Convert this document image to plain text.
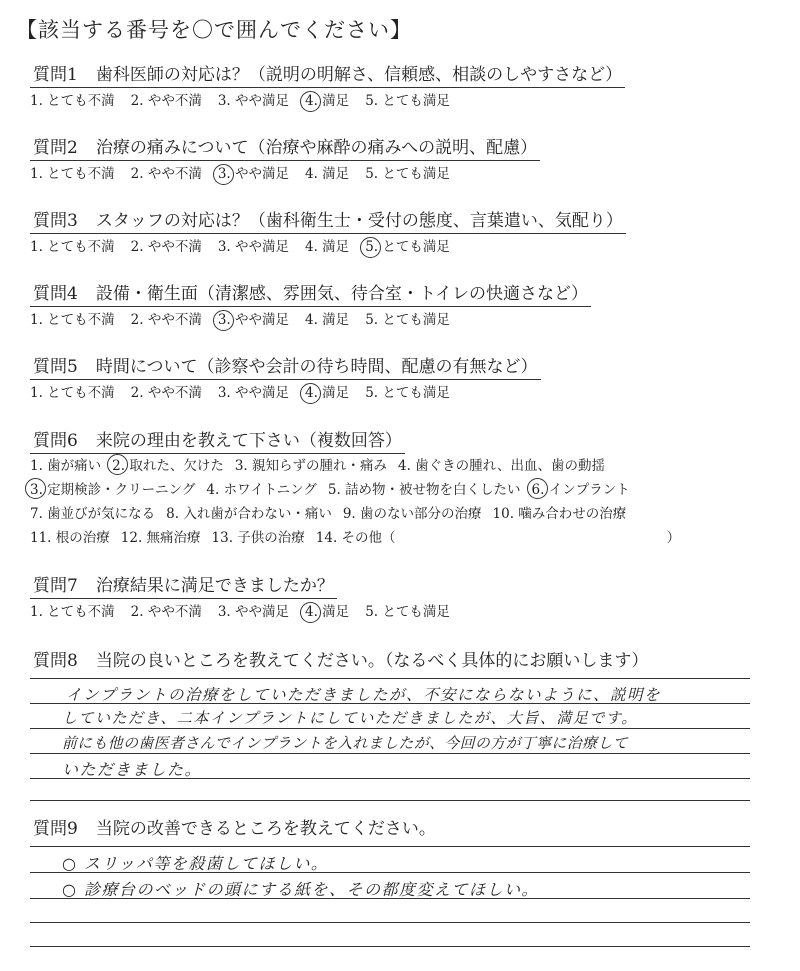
【該当する番号を〇で囲んでください】
質問1 歯科医師の対応は？（説明の明解さ、信頼感、相談のしやすさなど）
1. とても不満 2. やや不満 3. やや満足 4. 満足 5. とても満足
質問2 治療の痛みについて（治療や麻酔の痛みへの説明、配慮）
1. とても不満 2. やや不満 3. やや満足 4. 満足 5. とても満足
質問3 スタッフの対応は？（歯科衛生士・受付の態度、言葉遣い、気配り）
1. とても不満 2. やや不満 3. やや満足 4. 満足 5. とても満足
質問4 設備・衛生面（清潔感、雰囲気、待合室・トイレの快適さなど）
1. とても不満 2. やや不満 3. やや満足 4. 満足 5. とても満足
質問5 時間について（診察や会計の待ち時間、配慮の有無など）
1. とても不満 2. やや不満 3. やや満足 4. 満足 5. とても満足
質問6 来院の理由を教えて下さい（複数回答）
1. 歯が痛い 2. 取れた、欠けた 3. 親知らずの腫れ・痛み 4. 歯ぐきの腫れ、出血、歯の動揺
3. 定期検診・クリーニング 4. ホワイトニング 5. 詰め物・被せ物を白くしたい 6. インプラント
7. 歯並びが気になる 8. 入れ歯が合わない・痛い 9. 歯のない部分の治療 10. 噛み合わせの治療
11. 根の治療 12. 無痛治療 13. 子供の治療 14. その他（	）
質問7 治療結果に満足できましたか？
1. とても不満 2. やや不満 3. やや満足 4. 満足 5. とても満足
質問8 当院の良いところを教えてください。（なるべく具体的にお願いします）
インプラントの治療をしていただきましたが、不安にならないように、説明を
していただき、二本インプラントにしていただきましたが、大旨、満足です。
前にも他の歯医者さんでインプラントを入れましたが、今回の方が丁寧に治療して
いただきました。
質問9 当院の改善できるところを教えてください。
○ スリッパ等を殺菌してほしい。
○ 診療台のベッドの頭にする紙を、その都度変えてほしい。
